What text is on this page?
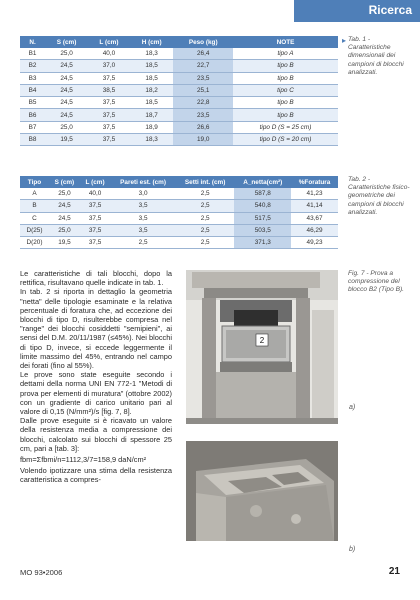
Ricerca
N.	S (cm)	L (cm)	H (cm)	Peso (kg)	NOTE
B1	25,0	40,0	18,3	26,4	tipo A
B2	24,5	37,0	18,5	22,7	tipo B
B3	24,5	37,5	18,5	23,5	tipo B
B4	24,5	38,5	18,2	25,1	tipo C
B5	24,5	37,5	18,5	22,8	tipo B
B6	24,5	37,5	18,7	23,5	tipo B
B7	25,0	37,5	18,9	26,6	tipo D (S = 25 cm)
B8	19,5	37,5	18,3	19,0	tipo D (S = 20 cm)
▸ Tab. 1 - Caratteristiche dimensionali dei campioni di blocchi analizzati.
Tipo	S (cm)	L (cm)	Pareti est. (cm)	Setti int. (cm)	A_netta(cm²)	%Foratura
A	25,0	40,0	3,0	2,5	587,8	41,23
B	24,5	37,5	3,5	2,5	540,8	41,14
C	24,5	37,5	3,5	2,5	517,5	43,67
D(25)	25,0	37,5	3,5	2,5	503,5	46,29
D(20)	19,5	37,5	2,5	2,5	371,3	49,23
Tab. 2 - Caratteristiche fisico-geometriche dei campioni di blocchi analizzati.

Le caratteristiche di tali blocchi, dopo la rettifica, risultavano quelle indicate in tab. 1.

In tab. 2 si riporta in dettaglio la geometria "netta" delle tipologie esaminate e la relativa percentuale di foratura che, ad eccezione dei blocchi di tipo D, risulterebbe compresa nel "range" dei blocchi cosiddetti "semipieni", ai sensi del D.M. 20/11/1987 (≤45%). Nei blocchi di tipo D, invece, si eccede leggermente il limite massimo del 45%, entrando nel campo dei forati (fino al 55%).

Le prove sono state eseguite secondo i dettami della norma UNI EN 772-1 "Metodi di prova per elementi di muratura" (ottobre 2002) con un gradiente di carico unitario pari al valore di 0,15 (N/mm²)/s [fig. 7, 8].

Dalle prove eseguite si è ricavato un valore della resistenza media a compressione dei blocchi, calcolato sui blocchi di spessore 25 cm, pari a [tab. 3]:

fbm=Σfbmi/n=1112,3/7=158,9 daN/cm²

Volendo ipotizzare una stima della resistenza caratteristica a compres-

2
Fig. 7 - Prova a compressione del blocco B2 (Tipo B).
a)
b)
MO 93•2006	21
